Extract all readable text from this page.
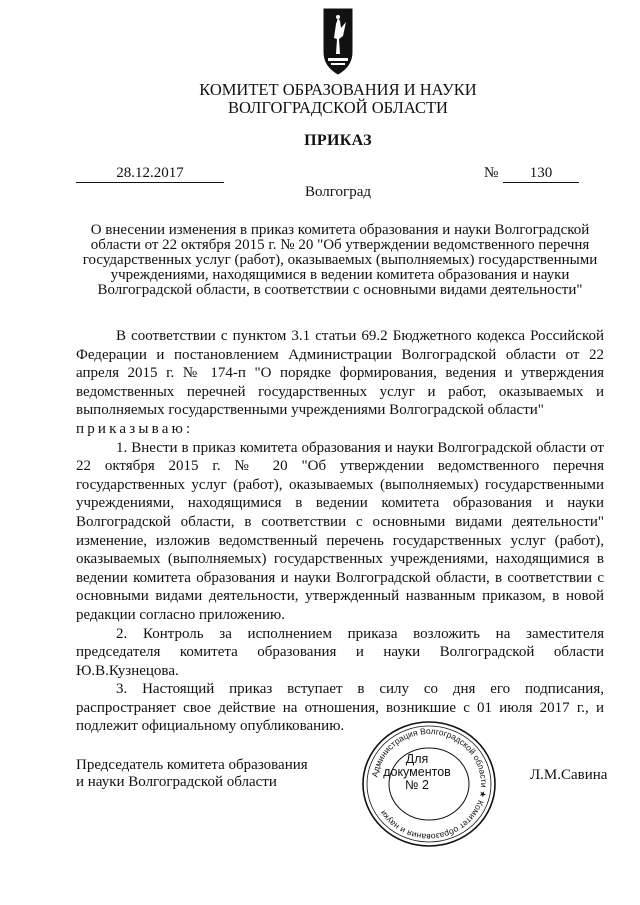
КОМИТЕТ ОБРАЗОВАНИЯ И НАУКИ
ВОЛГОГРАДСКОЙ ОБЛАСТИ
ПРИКАЗ
28.12.2017	№	130
Волгоград
О внесении изменения в приказ комитета образования и науки Волгоградской области от 22 октября 2015 г. № 20 "Об утверждении ведомственного перечня государственных услуг (работ), оказываемых (выполняемых) государственными учреждениями, находящимися в ведении комитета образования и науки Волгоградской области, в соответствии с основными видами деятельности"

В соответствии с пунктом 3.1 статьи 69.2 Бюджетного кодекса Российской Федерации и постановлением Администрации Волгоградской области от 22 апреля 2015 г. № 174-п "О порядке формирования, ведения и утверждения ведомственных перечней государственных услуг и работ, оказываемых и выполняемых государственными учреждениями Волгоградской области"

приказываю:

1. Внести в приказ комитета образования и науки Волгоградской области от 22 октября 2015 г. № 20 "Об утверждении ведомственного перечня государственных услуг (работ), оказываемых (выполняемых) государственными учреждениями, находящимися в ведении комитета образования и науки Волгоградской области, в соответствии с основными видами деятельности" изменение, изложив ведомственный перечень государственных услуг (работ), оказываемых (выполняемых) государственных учреждениями, находящимися в ведении комитета образования и науки Волгоградской области, в соответствии с основными видами деятельности, утвержденный названным приказом, в новой редакции согласно приложению.

2. Контроль за исполнением приказа возложить на заместителя председателя комитета образования и науки Волгоградской области Ю.В.Кузнецова.

3. Настоящий приказ вступает в силу со дня его подписания, распространяет свое действие на отношения, возникшие с 01 июля 2017 г., и подлежит официальному опубликованию.

Председатель комитета образования
и науки Волгоградской области	Администрация Волгоградской области ★ Комитет образования и науки
Для
документов
№ 2
Л.М.Савина
